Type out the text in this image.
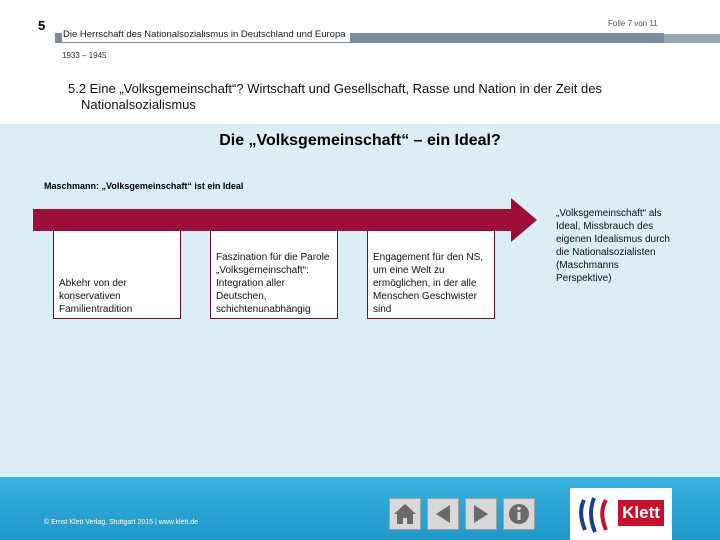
5	Folie 7 von 11
Die Herrschaft des Nationalsozialismus in Deutschland und Europa
1933 – 1945
5.2 Eine „Volksgemeinschaft“? Wirtschaft und Gesellschaft, Rasse und Nation in der Zeit des
Nationalsozialismus
Die „Volksgemeinschaft“ – ein Ideal?
Maschmann: „Volksgemeinschaft“ ist ein Ideal
Abkehr von der konservativen Familientradition
Faszination für die Parole „Volksgemeinschaft“: Integration aller Deutschen, schichtenunabhängig
Engagement für den NS, um eine Welt zu ermöglichen, in der alle Menschen Geschwister sind
„Volksgemeinschaft“ als Ideal, Missbrauch des eigenen Idealismus durch die Nationalsozialisten (Maschmanns Perspektive)
© Ernst Klett Verlag, Stuttgart 2015 | www.klett.de
Klett
